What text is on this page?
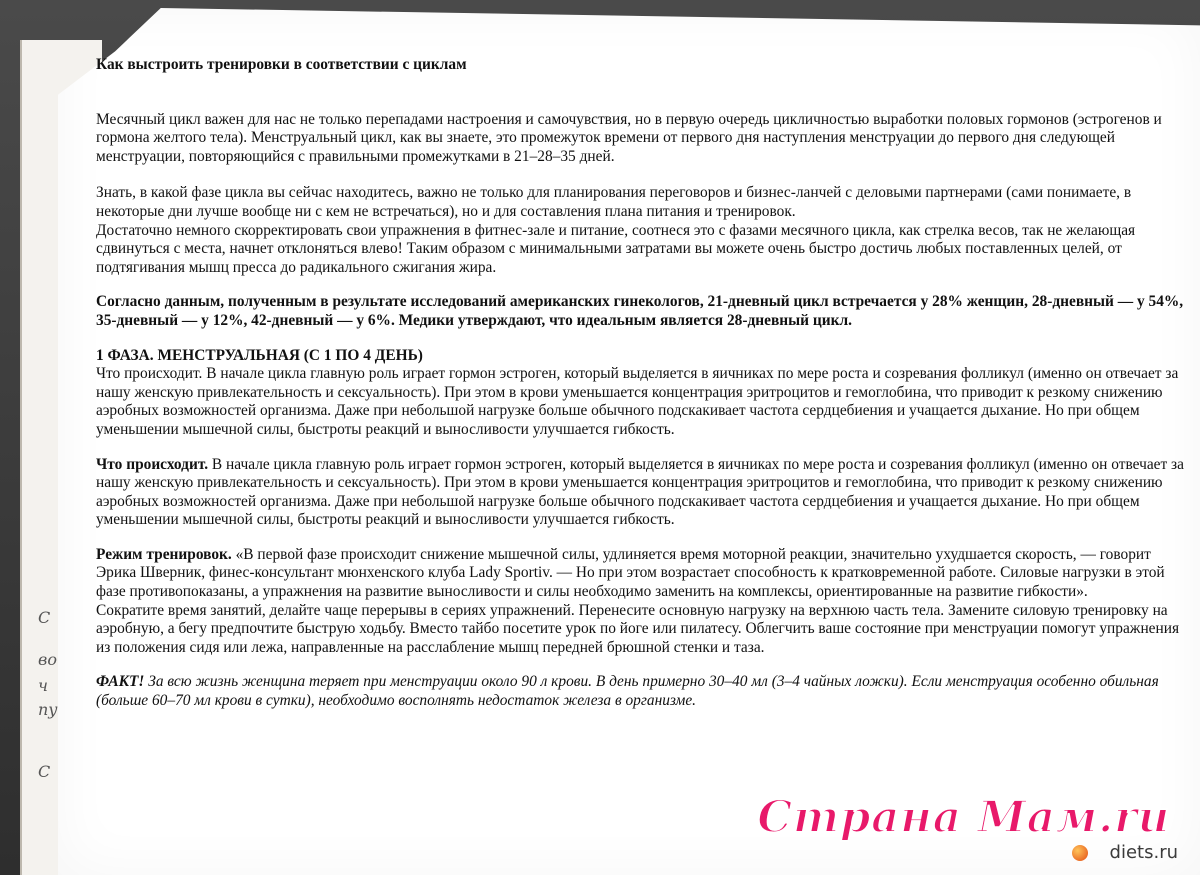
С
во
ч
пу
С

Как выстроить тренировки в соответствии с циклам

Месячный цикл важен для нас не только перепадами настроения и самочувствия, но в первую очередь цикличностью выработки половых гормонов (эстрогенов и гормона желтого тела). Менструальный цикл, как вы знаете, это промежуток времени от первого дня наступления менструации до первого дня следующей менструации, повторяющийся с правильными промежутками в 21–28–35 дней.

Знать, в какой фазе цикла вы сейчас находитесь, важно не только для планирования переговоров и бизнес-ланчей с деловыми партнерами (сами понимаете, в некоторые дни лучше вообще ни с кем не встречаться), но и для составления плана питания и тренировок.

Достаточно немного скорректировать свои упражнения в фитнес-зале и питание, соотнеся это с фазами месячного цикла, как стрелка весов, так не желающая сдвинуться с места, начнет отклоняться влево! Таким образом с минимальными затратами вы можете очень быстро достичь любых поставленных целей, от подтягивания мышц пресса до радикального сжигания жира.

Согласно данным, полученным в результате исследований американских гинекологов, 21-дневный цикл встречается у 28% женщин, 28-дневный — у 54%, 35-дневный — у 12%, 42-дневный — у 6%. Медики утверждают, что идеальным является 28-дневный цикл.

1 ФАЗА. МЕНСТРУАЛЬНАЯ (С 1 ПО 4 ДЕНЬ)

Что происходит. В начале цикла главную роль играет гормон эстроген, который выделяется в яичниках по мере роста и созревания фолликул (именно он отвечает за нашу женскую привлекательность и сексуальность). При этом в крови уменьшается концентрация эритроцитов и гемоглобина, что приводит к резкому снижению аэробных возможностей организма. Даже при небольшой нагрузке больше обычного подскакивает частота сердцебиения и учащается дыхание. Но при общем уменьшении мышечной силы, быстроты реакций и выносливости улучшается гибкость.

Что происходит. В начале цикла главную роль играет гормон эстроген, который выделяется в яичниках по мере роста и созревания фолликул (именно он отвечает за нашу женскую привлекательность и сексуальность). При этом в крови уменьшается концентрация эритроцитов и гемоглобина, что приводит к резкому снижению аэробных возможностей организма. Даже при небольшой нагрузке больше обычного подскакивает частота сердцебиения и учащается дыхание. Но при общем уменьшении мышечной силы, быстроты реакций и выносливости улучшается гибкость.

Режим тренировок. «В первой фазе происходит снижение мышечной силы, удлиняется время моторной реакции, значительно ухудшается скорость, — говорит Эрика Шверник, финес-консультант мюнхенского клуба Lady Sportiv. — Но при этом возрастает способность к кратковременной работе. Силовые нагрузки в этой фазе противопоказаны, а упражнения на развитие выносливости и силы необходимо заменить на комплексы, ориентированные на развитие гибкости».

Сократите время занятий, делайте чаще перерывы в сериях упражнений. Перенесите основную нагрузку на верхнюю часть тела. Замените силовую тренировку на аэробную, а бегу предпочтите быструю ходьбу. Вместо тайбо посетите урок по йоге или пилатесу. Облегчить ваше состояние при менструации помогут упражнения из положения сидя или лежа, направленные на расслабление мышц передней брюшной стенки и таза.

ФАКТ! За всю жизнь женщина теряет при менструации около 90 л крови. В день примерно 30–40 мл (3–4 чайных ложки). Если менструация особенно обильная (больше 60–70 мл крови в сутки), необходимо восполнять недостаток железа в организме.

Страна Мам.ru
diets.ru
